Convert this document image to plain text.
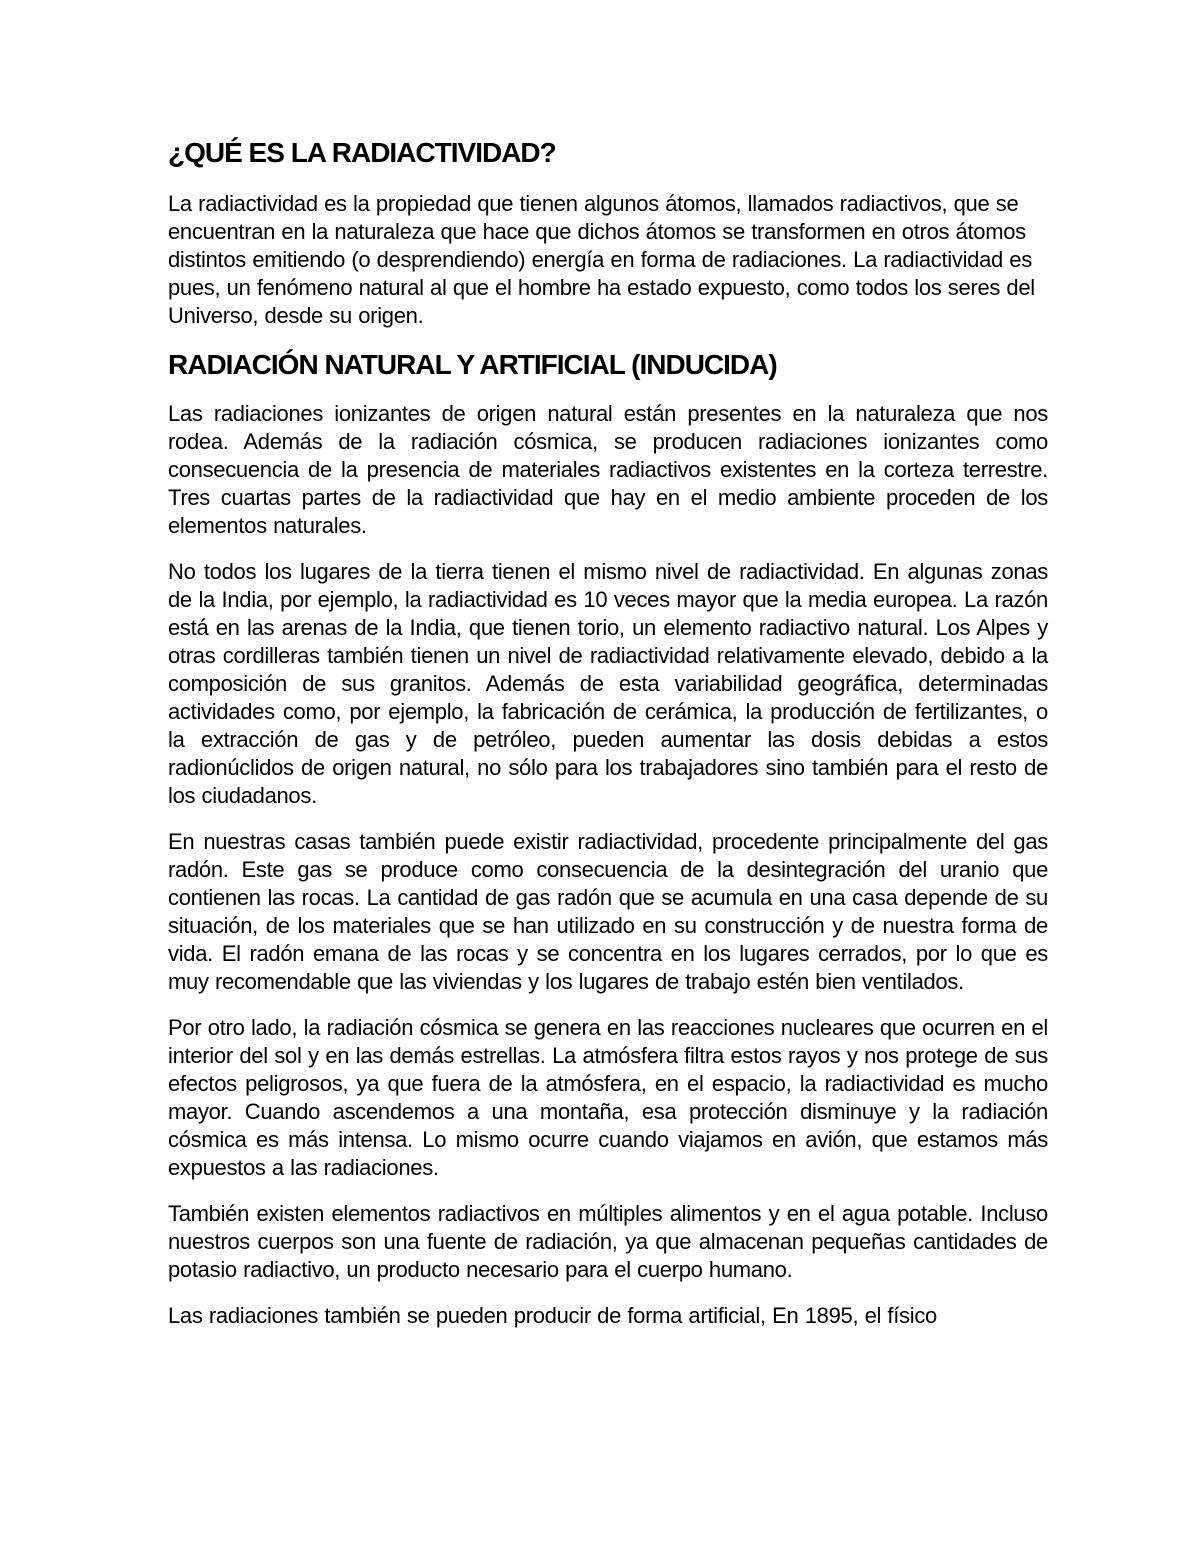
¿QUÉ ES LA RADIACTIVIDAD?

La radiactividad es la propiedad que tienen algunos átomos, llamados radiactivos, que se encuentran en la naturaleza que hace que dichos átomos se transformen en otros átomos distintos emitiendo (o desprendiendo) energía en forma de radiaciones. La radiactividad es pues, un fenómeno natural al que el hombre ha estado expuesto, como todos los seres del Universo, desde su origen.

RADIACIÓN NATURAL Y ARTIFICIAL (INDUCIDA)

Las radiaciones ionizantes de origen natural están presentes en la naturaleza que nos rodea. Además de la radiación cósmica, se producen radiaciones ionizantes como consecuencia de la presencia de materiales radiactivos existentes en la corteza terrestre. Tres cuartas partes de la radiactividad que hay en el medio ambiente proceden de los elementos naturales.

No todos los lugares de la tierra tienen el mismo nivel de radiactividad. En algunas zonas de la India, por ejemplo, la radiactividad es 10 veces mayor que la media europea. La razón está en las arenas de la India, que tienen torio, un elemento radiactivo natural. Los Alpes y otras cordilleras también tienen un nivel de radiactividad relativamente elevado, debido a la composición de sus granitos. Además de esta variabilidad geográfica, determinadas actividades como, por ejemplo, la fabricación de cerámica, la producción de fertilizantes, o la extracción de gas y de petróleo, pueden aumentar las dosis debidas a estos radionúclidos de origen natural, no sólo para los trabajadores sino también para el resto de los ciudadanos.

En nuestras casas también puede existir radiactividad, procedente principalmente del gas radón. Este gas se produce como consecuencia de la desintegración del uranio que contienen las rocas. La cantidad de gas radón que se acumula en una casa depende de su situación, de los materiales que se han utilizado en su construcción y de nuestra forma de vida. El radón emana de las rocas y se concentra en los lugares cerrados, por lo que es muy recomendable que las viviendas y los lugares de trabajo estén bien ventilados.

Por otro lado, la radiación cósmica se genera en las reacciones nucleares que ocurren en el interior del sol y en las demás estrellas. La atmósfera filtra estos rayos y nos protege de sus efectos peligrosos, ya que fuera de la atmósfera, en el espacio, la radiactividad es mucho mayor. Cuando ascendemos a una montaña, esa protección disminuye y la radiación cósmica es más intensa. Lo mismo ocurre cuando viajamos en avión, que estamos más expuestos a las radiaciones.

También existen elementos radiactivos en múltiples alimentos y en el agua potable. Incluso nuestros cuerpos son una fuente de radiación, ya que almacenan pequeñas cantidades de potasio radiactivo, un producto necesario para el cuerpo humano.

Las radiaciones también se pueden producir de forma artificial, En 1895, el físico
